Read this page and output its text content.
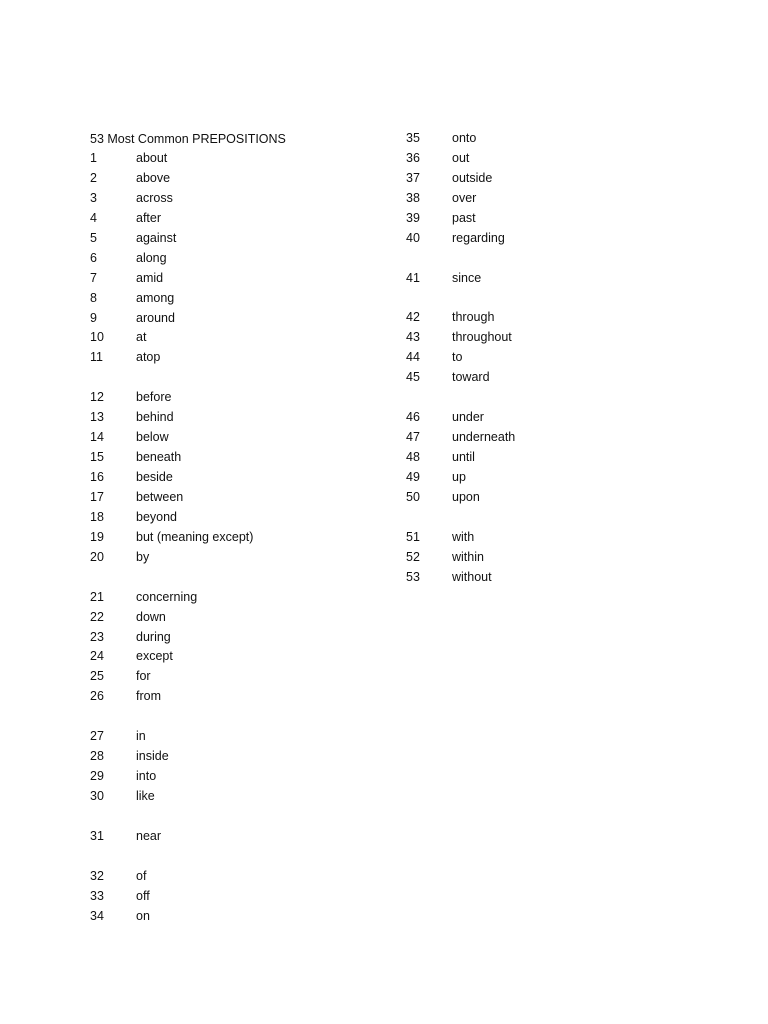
53 Most Common PREPOSITIONS
1	about
2	above
3	across
4	after
5	against
6	along
7	amid
8	among
9	around
10	at
11	atop
12	before
13	behind
14	below
15	beneath
16	beside
17	between
18	beyond
19	but (meaning except)
20	by
21	concerning
22	down
23	during
24	except
25	for
26	from
27	in
28	inside
29	into
30	like
31	near
32	of
33	off
34	on
35	onto
36	out
37	outside
38	over
39	past
40	regarding
41	since
42	through
43	throughout
44	to
45	toward
46	under
47	underneath
48	until
49	up
50	upon
51	with
52	within
53	without
